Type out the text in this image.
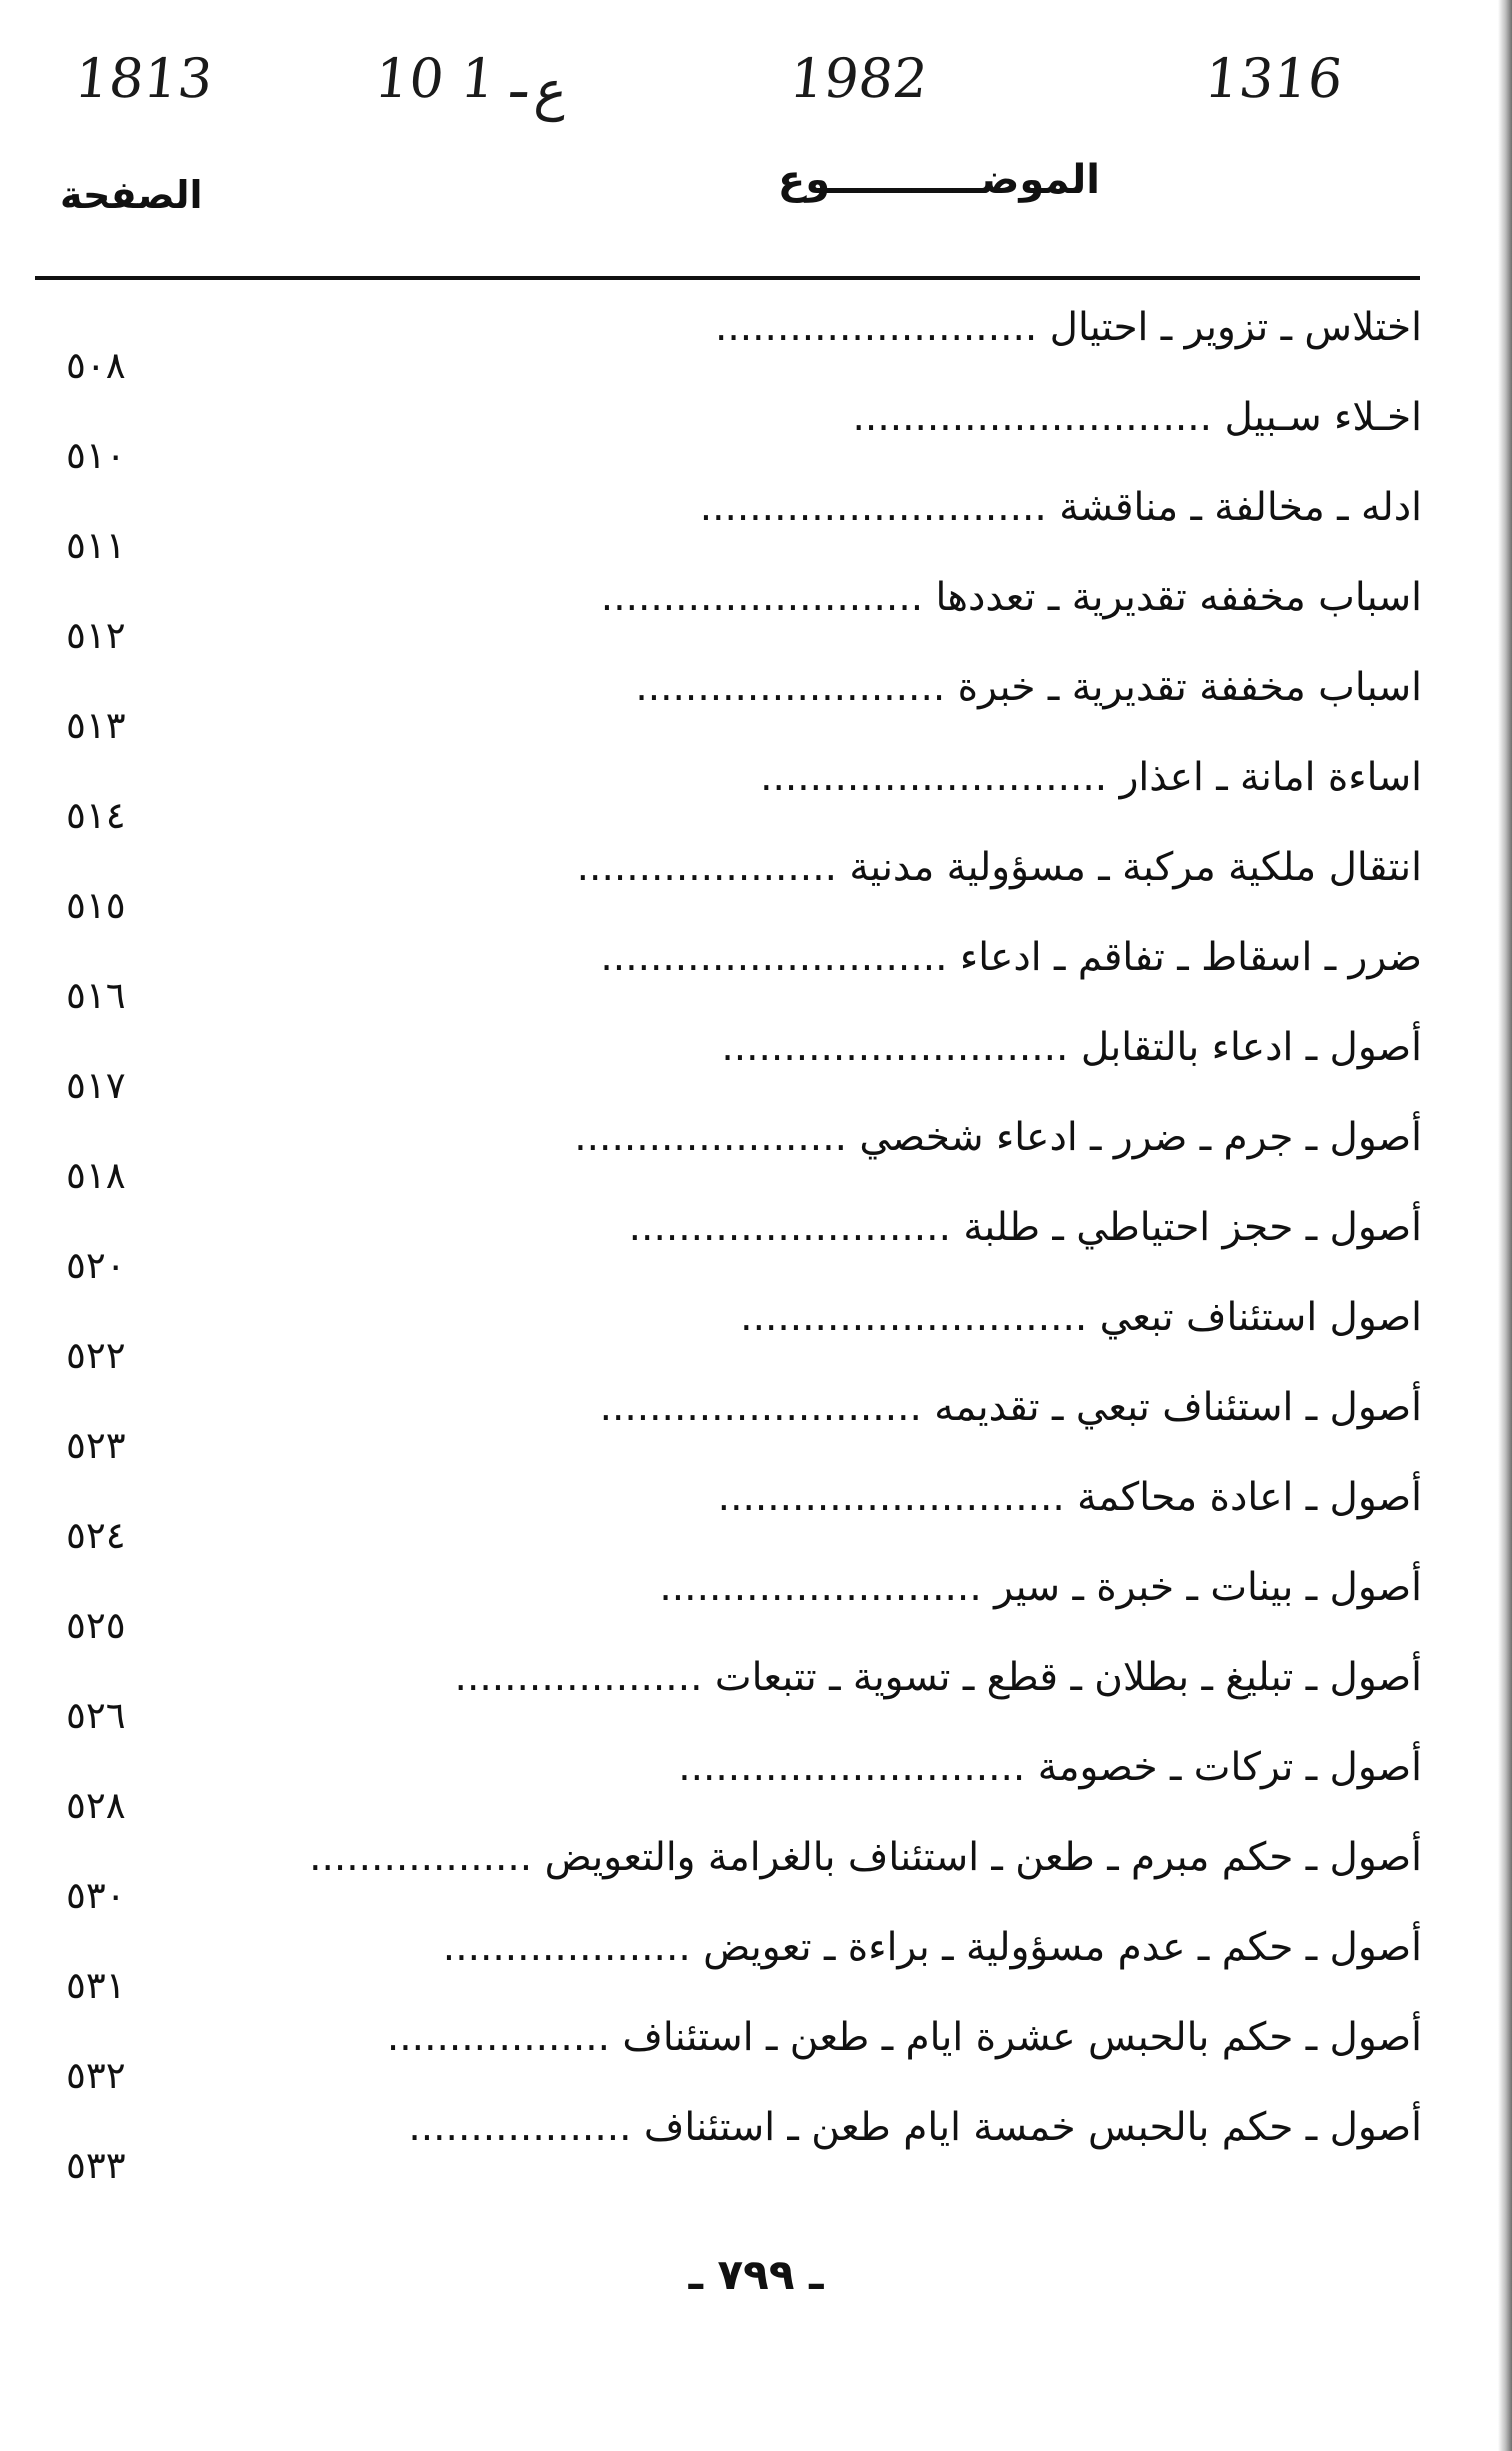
1813	10 ـ 1 ع	1982	1316
الصفحة	الموضـــــــــــوع
اختلاس ـ تزوير ـ احتيال ..........................
٥٠٨
اخـلاء سـبيل .............................
٥١٠
ادله ـ مخالفة ـ مناقشة ............................
٥١١
اسباب مخففه تقديرية ـ تعددها ..........................
٥١٢
اسباب مخففة تقديرية ـ خبرة .........................
٥١٣
اساءة امانة ـ اعذار ............................
٥١٤
انتقال ملكية مركبة ـ مسؤولية مدنية .....................
٥١٥
ضرر ـ اسقاط ـ تفاقم ـ ادعاء ............................
٥١٦
أصول ـ ادعاء بالتقابل ............................
٥١٧
أصول ـ جرم ـ ضرر ـ ادعاء شخصي ......................
٥١٨
أصول ـ حجز احتياطي ـ طلبة ..........................
٥٢٠
اصول استئناف تبعي ............................
٥٢٢
أصول ـ استئناف تبعي ـ تقديمه ..........................
٥٢٣
أصول ـ اعادة محاكمة ............................
٥٢٤
أصول ـ بينات ـ خبرة ـ سير ..........................
٥٢٥
أصول ـ تبليغ ـ بطلان ـ قطع ـ تسوية ـ تتبعات ....................
٥٢٦
أصول ـ تركات ـ خصومة ............................
٥٢٨
أصول ـ حكم مبرم ـ طعن ـ استئناف بالغرامة والتعويض ..................
٥٣٠
أصول ـ حكم ـ عدم مسؤولية ـ براءة ـ تعويض ....................
٥٣١
أصول ـ حكم بالحبس عشرة ايام ـ طعن ـ استئناف ..................
٥٣٢
أصول ـ حكم بالحبس خمسة ايام طعن ـ استئناف ..................
٥٣٣
ـ ٧٩٩ ـ
